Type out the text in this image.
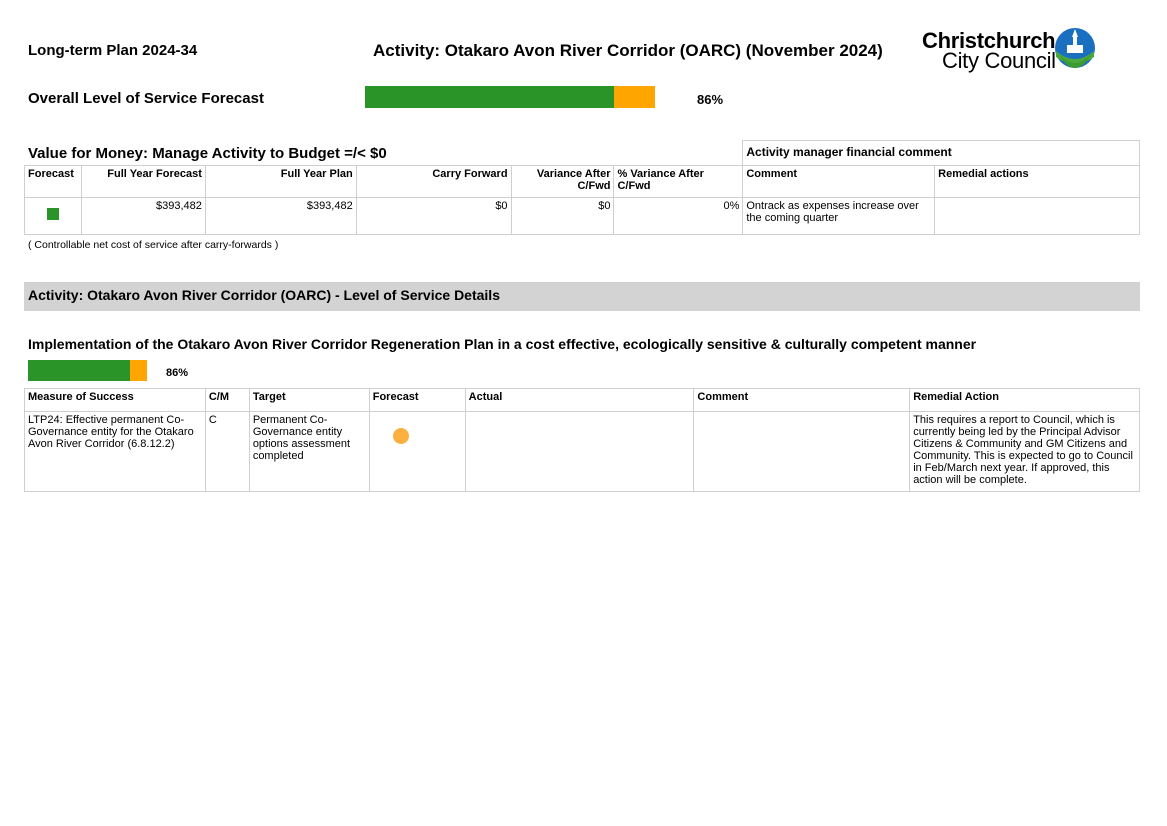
Long-term Plan 2024-34	Activity: Otakaro Avon River Corridor (OARC) (November 2024) Christchurch
City Council
Overall Level of Service Forecast	86%
						Activity manager financial comment	
Forecast	Full Year Forecast	Full Year Plan	Carry Forward	Variance After C/Fwd	% Variance After C/Fwd	Comment	Remedial actions
	$393,482	$393,482	$0	$0	0%	Ontrack as expenses increase over the coming quarter	
Value for Money: Manage Activity to Budget =/< $0
( Controllable net cost of service after carry-forwards )
Activity: Otakaro Avon River Corridor (OARC) - Level of Service Details
Implementation of the Otakaro Avon River Corridor Regeneration Plan in a cost effective, ecologically sensitive & culturally competent manner
86%
Measure of Success	C/M	Target	Forecast	Actual	Comment	Remedial Action
LTP24: Effective permanent Co-Governance entity for the Otakaro Avon River Corridor (6.8.12.2)	C	Permanent Co-Governance entity options assessment completed				This requires a report to Council, which is currently being led by the Principal Advisor Citizens & Community and GM Citizens and Community. This is expected to go to Council in Feb/March next year. If approved, this action will be complete.
